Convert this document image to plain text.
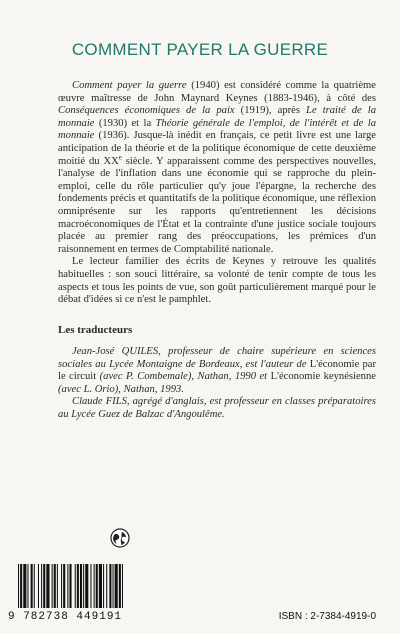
COMMENT PAYER LA GUERRE

Comment payer la guerre (1940) est considéré comme la quatrième œuvre maîtresse de John Maynard Keynes (1883-1946), à côté des Conséquences économiques de la paix (1919), après Le traité de la monnaie (1930) et la Théorie générale de l'emploi, de l'intérêt et de la monnaie (1936). Jusque-là inédit en français, ce petit livre est une large anticipation de la théorie et de la politique économique de cette deuxième moitié du XXe siècle. Y apparaissent comme des perspectives nouvelles, l'analyse de l'inflation dans une économie qui se rapproche du plein-emploi, celle du rôle particulier qu'y joue l'épargne, la recherche des fondements précis et quantitatifs de la politique économique, une réflexion omniprésente sur les rapports qu'entretiennent les décisions macroéconomiques de l'État et la contrainte d'une justice sociale toujours placée au premier rang des préoccupations, les prémices d'un raisonnement en termes de Comptabilité nationale.

Le lecteur familier des écrits de Keynes y retrouve les qualités habituelles : son souci littéraire, sa volonté de tenir compte de tous les aspects et tous les points de vue, son goût particulièrement marqué pour le débat d'idées si ce n'est le pamphlet.

Les traducteurs

Jean-José QUILES, professeur de chaire supérieure en sciences sociales au Lycée Montaigne de Bordeaux, est l'auteur de L'économie par le circuit (avec P. Combemale), Nathan, 1990 et L'économie keynésienne (avec L. Orio), Nathan, 1993.

Claude FILS, agrégé d'anglais, est professeur en classes préparatoires au Lycée Guez de Balzac d'Angoulême.

9 782738 449191	ISBN : 2-7384-4919-0
